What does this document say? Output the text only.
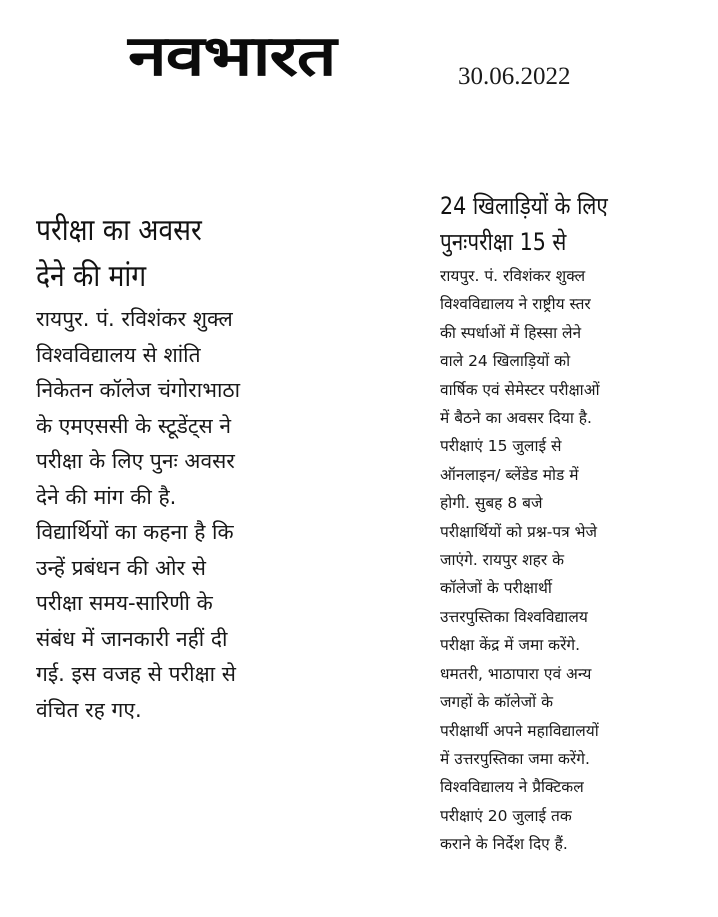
नवभारत	30.06.2022
परीक्षा का अवसर
देने की मांग
रायपुर. पं. रविशंकर शुक्ल
विश्वविद्यालय से शांति
निकेतन कॉलेज चंगोराभाठा
के एमएससी के स्टूडेंट्स ने
परीक्षा के लिए पुनः अवसर
देने की मांग की है.
विद्यार्थियों का कहना है कि
उन्हें प्रबंधन की ओर से
परीक्षा समय-सारिणी के
संबंध में जानकारी नहीं दी
गई. इस वजह से परीक्षा से
वंचित रह गए.
24 खिलाड़ियों के लिए
पुनःपरीक्षा 15 से
रायपुर. पं. रविशंकर शुक्ल
विश्वविद्यालय ने राष्ट्रीय स्तर
की स्पर्धाओं में हिस्सा लेने
वाले 24 खिलाड़ियों को
वार्षिक एवं सेमेस्टर परीक्षाओं
में बैठने का अवसर दिया है.
परीक्षाएं 15 जुलाई से
ऑनलाइन/ ब्लेंडेड मोड में
होगी. सुबह 8 बजे
परीक्षार्थियों को प्रश्न-पत्र भेजे
जाएंगे. रायपुर शहर के
कॉलेजों के परीक्षार्थी
उत्तरपुस्तिका विश्वविद्यालय
परीक्षा केंद्र में जमा करेंगे.
धमतरी, भाठापारा एवं अन्य
जगहों के कॉलेजों के
परीक्षार्थी अपने महाविद्यालयों
में उत्तरपुस्तिका जमा करेंगे.
विश्वविद्यालय ने प्रैक्टिकल
परीक्षाएं 20 जुलाई तक
कराने के निर्देश दिए हैं.
